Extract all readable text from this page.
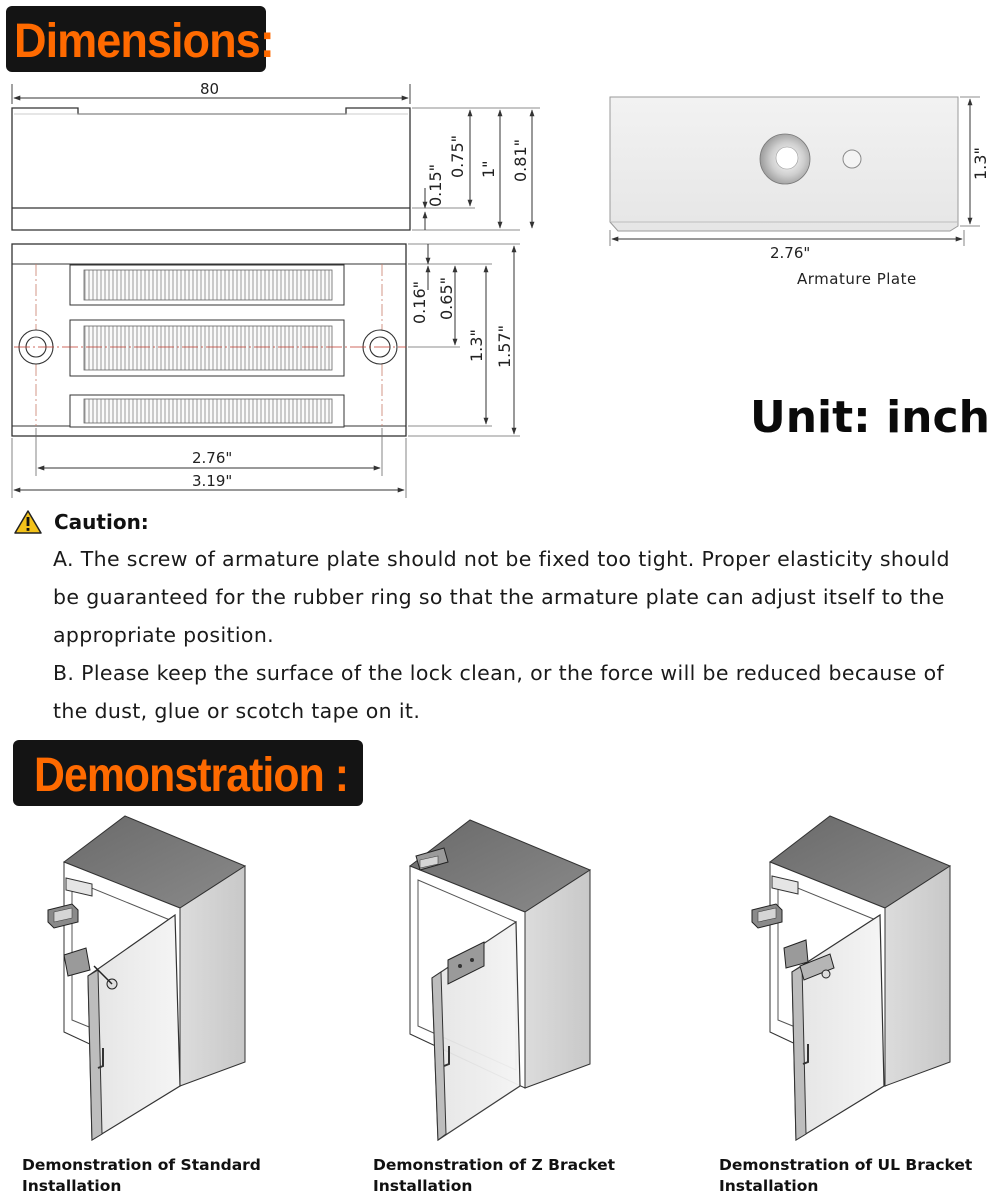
Dimensions:
80
0.15"
0.75" 1" 0.81"
0.16" 0.65"
1.3" 1.57"
2.76"
3.19"
1.3"
2.76"
Armature Plate
Unit: inch
Caution:
A. The screw of armature plate should not be fixed too tight. Proper elasticity should be guaranteed for the rubber ring so that the armature plate can adjust itself to the appropriate position.
B. Please keep the surface of the lock clean, or the force will be reduced because of the dust, glue or scotch tape on it.
Demonstration :
Demonstration of Standard
Installation
Demonstration of Z Bracket
Installation
Demonstration of UL Bracket
Installation
